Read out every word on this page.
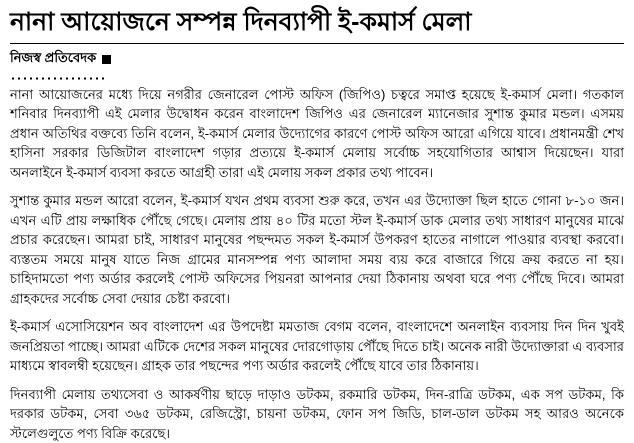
নানা আয়োজনে সম্পন্ন দিনব্যাপী ই-কমার্স মেলা
নিজস্ব প্রতিবেদক

নানা আয়োজনের মধ্যে দিয়ে নগরীর জেনারেল পোস্ট অফিস (জিপিও) চত্বরে সমাপ্ত হয়েছে ই-কমার্স মেলা। গতকাল শনিবার দিনব্যাপী এই মেলার উদ্বোধন করেন বাংলাদেশ জিপিও এর জেনারেল ম্যানেজার সুশান্ত কুমার মন্ডল। এসময় প্রধান অতিথির বক্তব্যে তিনি বলেন, ই-কমার্স মেলার উদ্যোগের কারণে পোস্ট অফিস আরো এগিয়ে যাবে। প্রধানমন্ত্রী শেখ হাসিনা সরকার ডিজিটাল বাংলাদেশ গড়ার প্রত্যয়ে ই-কমার্স মেলায় সর্বোচ্চ সহযোগিতার আশ্বাস দিয়েছেন। যারা অনলাইনে ই-কমার্স ব্যবসা করতে আগ্রহী তারা এই মেলায় সকল প্রকার তথ্য পাবেন।

সুশান্ত কুমার মন্ডল আরো বলেন, ই-কমার্স যখন প্রথম ব্যবসা শুরু করে, তখন এর উদ্যোক্তা ছিল হাতে গোনা ৮-১০ জন। এখন এটি প্রায় লক্ষাধিক পৌঁছে গেছে। মেলায় প্রায় ৪০ টির মতো স্টল ই-কমার্স ডাক মেলার তথ্য সাধারণ মানুষের মাঝে প্রচার করেছেন। আমরা চাই, সাধারণ মানুষের পছন্দমত সকল ই-কমার্স উপকরণ হাতের নাগালে পাওয়ার ব্যবস্থা করবো। ব্যস্ততম সময়ে মানুষ যাতে নিজ গ্রামের মানসম্পন্ন পণ্য আলাদা সময় ব্যয় করে বাজারে গিয়ে ক্রয় করতে না হয়। চাহিদামতো পণ্য অর্ডার করলেই পোস্ট অফিসের পিয়নরা আপনার দেয়া ঠিকানায় অথবা ঘরে পণ্য পৌঁছে দিবে। আমরা গ্রাহকদের সর্বোচ্চ সেবা দেয়ার চেষ্টা করবো।

ই-কমার্স এসোসিয়েশন অব বাংলাদেশ এর উপদেষ্টা মমতাজ বেগম বলেন, বাংলাদেশে অনলাইন ব্যবসায় দিন দিন খুবই জনপ্রিয়তা পাচ্ছে। আমরা এটিকে দেশের সকল মানুষের দোরগোড়ায় পৌঁছে দিতে চাই। অনেক নারী উদ্যোক্তারা এ ব্যবসার মাধ্যমে স্বাবলম্বী হয়েছেন। গ্রাহক তার পছন্দের পণ্য অর্ডার করলেই পৌঁছে যাবে তার ঠিকানায়।

দিনব্যাপী মেলায় তথ্যসেবা ও আকর্ষণীয় ছাড়ে দাড়াও ডটকম, রকমারি ডটকম, দিন-রাত্রি ডটকম, এক সপ ডটকম, কি দরকার ডটকম, সেবা ৩৬৫ ডটকম, রেজিস্ট্রো, চায়না ডটকম, ফোন সপ জিডি, চাল-ডাল ডটকম সহ আরও অনেকে স্টলেগুলুতে পণ্য বিক্রি করেছে।
